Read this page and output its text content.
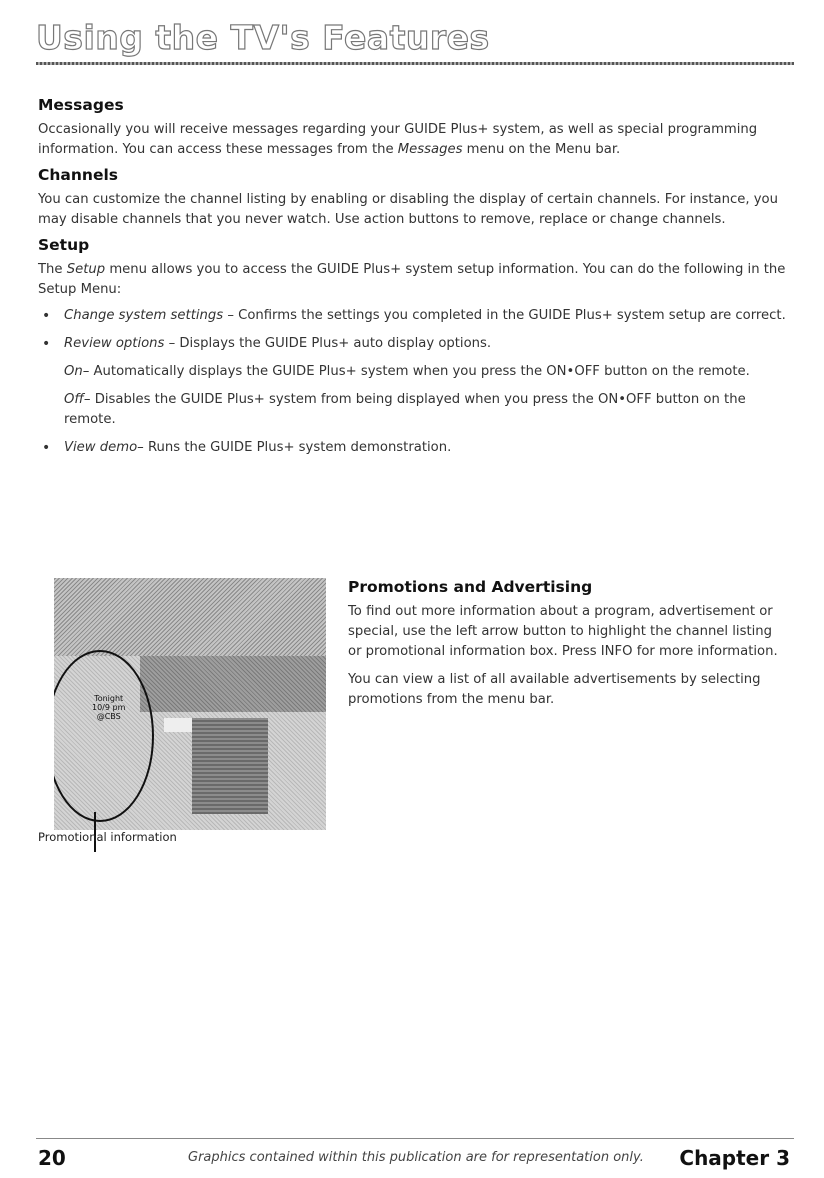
Using the TV's Features
Messages

Occasionally you will receive messages regarding your GUIDE Plus+ system, as well as special programming information. You can access these messages from the Messages menu on the Menu bar.

Channels

You can customize the channel listing by enabling or disabling the display of certain channels. For instance, you may disable channels that you never watch. Use action buttons to remove, replace or change channels.

Setup

The Setup menu allows you to access the GUIDE Plus+ system setup information. You can do the following in the Setup Menu:

• Change system settings – Confirms the settings you completed in the GUIDE Plus+ system setup are correct.
• Review options – Displays the GUIDE Plus+ auto display options.

On– Automatically displays the GUIDE Plus+ system when you press the ON•OFF button on the remote.

Off– Disables the GUIDE Plus+ system from being displayed when you press the ON•OFF button on the remote.

• View demo– Runs the GUIDE Plus+ system demonstration.
Tonight
10/9 pm
@CBS
Promotional information
Promotions and Advertising

To find out more information about a program, advertisement or special, use the left arrow button to highlight the channel listing or promotional information box. Press INFO for more information.

You can view a list of all available advertisements by selecting promotions from the menu bar.

20	Graphics contained within this publication are for representation only. Chapter 3
